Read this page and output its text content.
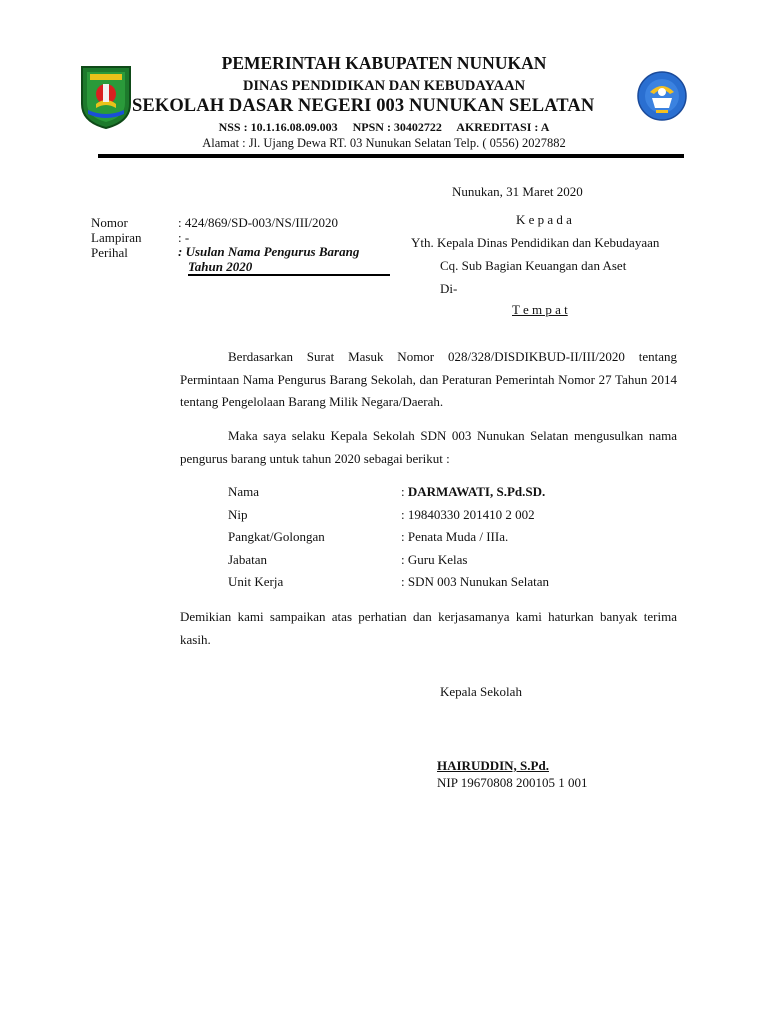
PEMERINTAH KABUPATEN NUNUKAN
DINAS PENDIDIKAN DAN KEBUDAYAAN
SEKOLAH DASAR NEGERI 003 NUNUKAN SELATAN
NSS : 10.1.16.08.09.003     NPSN : 30402722     AKREDITASI : A
Alamat : Jl. Ujang Dewa RT. 03 Nunukan Selatan Telp. ( 0556) 2027882
Nunukan, 31 Maret 2020
Nomor	: 424/869/SD-003/NS/III/2020
Lampiran	: -
Perihal	: Usulan Nama Pengurus Barang
Tahun 2020
K e p a d a
Yth. Kepala Dinas Pendidikan dan Kebudayaan
Cq. Sub Bagian Keuangan dan Aset
Di-
T e m p a t
Berdasarkan Surat Masuk Nomor 028/328/DISDIKBUD-II/III/2020 tentang Permintaan Nama Pengurus Barang Sekolah, dan Peraturan Pemerintah Nomor 27 Tahun 2014 tentang Pengelolaan Barang Milik Negara/Daerah.
Maka saya selaku Kepala Sekolah SDN 003 Nunukan Selatan mengusulkan nama pengurus barang untuk tahun 2020 sebagai berikut :
Nama	: DARMAWATI, S.Pd.SD.
Nip	: 19840330 201410 2 002
Pangkat/Golongan	: Penata Muda / IIIa.
Jabatan	: Guru Kelas
Unit Kerja	: SDN 003 Nunukan Selatan
Demikian kami sampaikan atas perhatian dan kerjasamanya kami haturkan banyak terima kasih.
Kepala Sekolah
HAIRUDDIN, S.Pd.
NIP 19670808 200105 1 001
